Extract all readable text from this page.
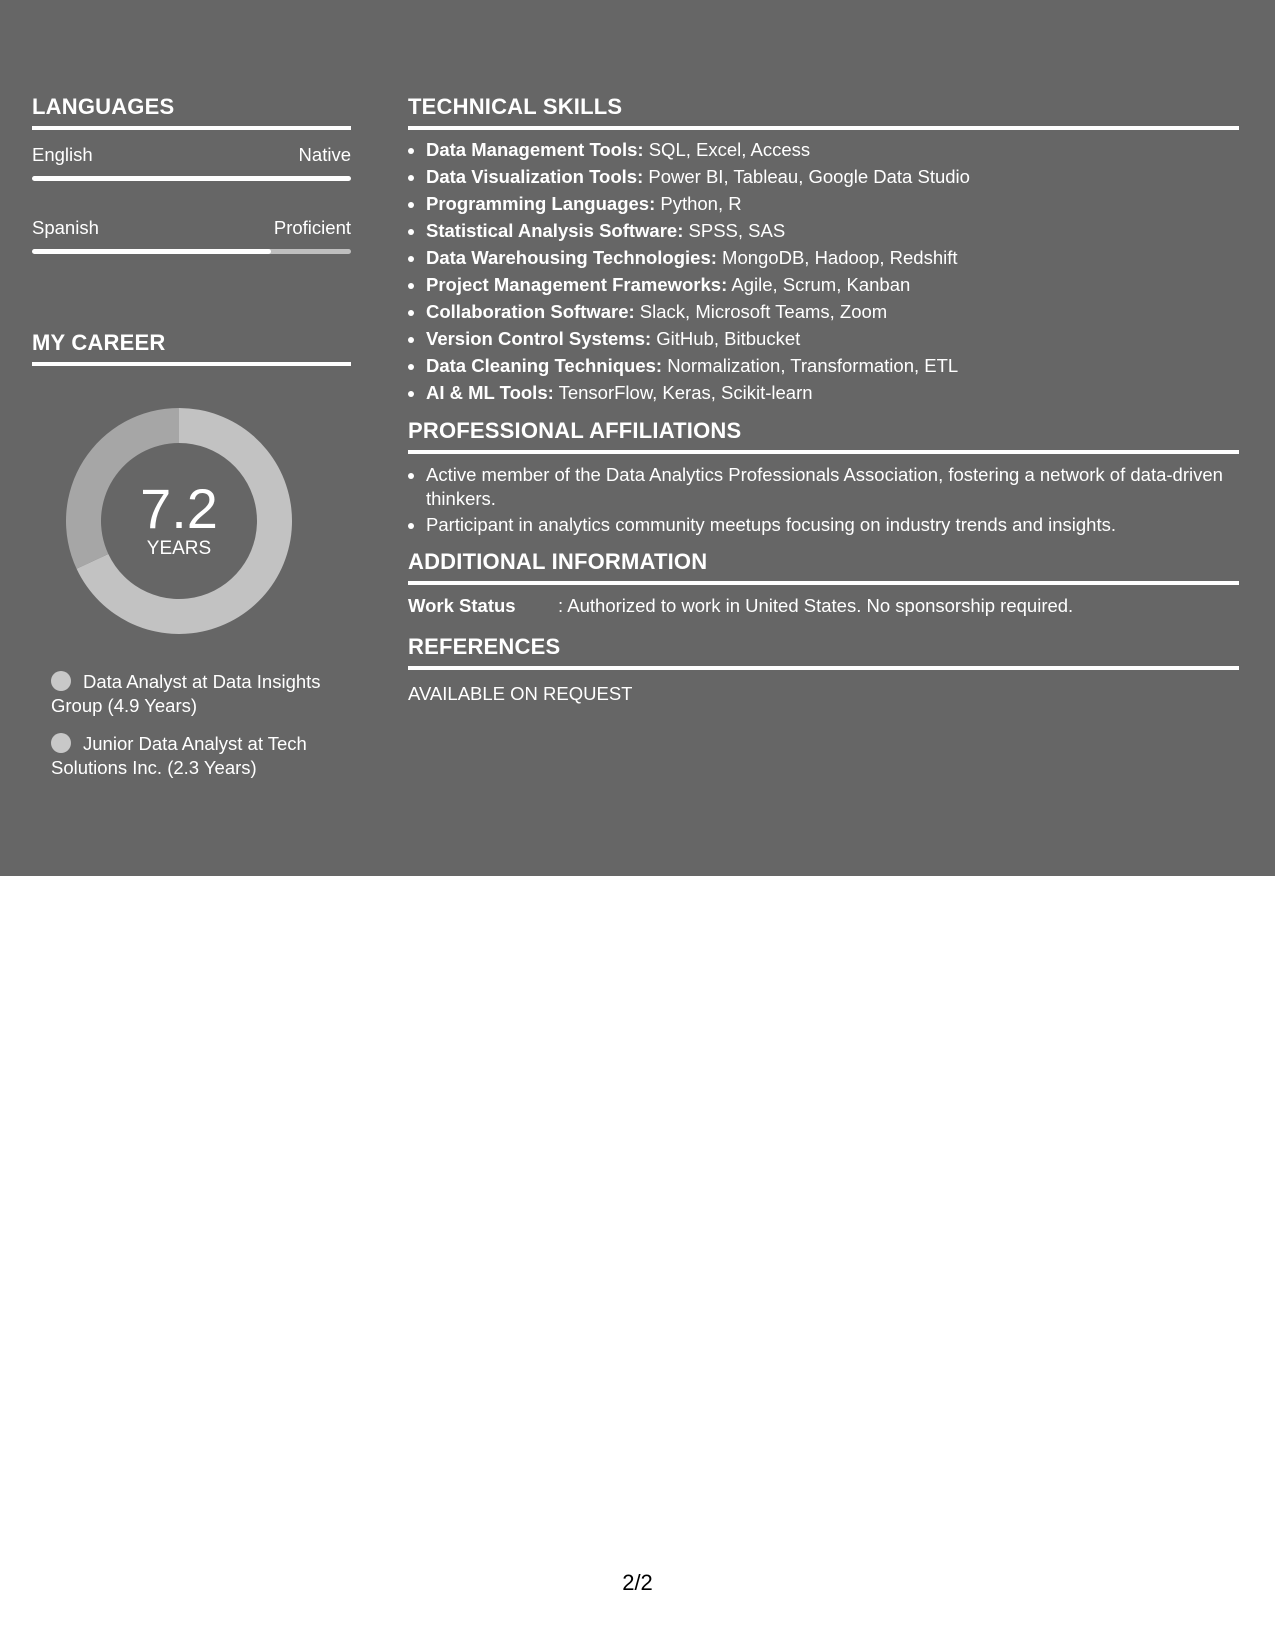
LANGUAGES
English	Native
Spanish	Proficient
MY CAREER
7.2
YEARS
Data Analyst at Data Insights Group (4.9 Years)
Junior Data Analyst at Tech Solutions Inc. (2.3 Years)
TECHNICAL SKILLS
• Data Management Tools: SQL, Excel, Access
• Data Visualization Tools: Power BI, Tableau, Google Data Studio
• Programming Languages: Python, R
• Statistical Analysis Software: SPSS, SAS
• Data Warehousing Technologies: MongoDB, Hadoop, Redshift
• Project Management Frameworks: Agile, Scrum, Kanban
• Collaboration Software: Slack, Microsoft Teams, Zoom
• Version Control Systems: GitHub, Bitbucket
• Data Cleaning Techniques: Normalization, Transformation, ETL
• AI & ML Tools: TensorFlow, Keras, Scikit-learn
PROFESSIONAL AFFILIATIONS
• Active member of the Data Analytics Professionals Association, fostering a network of data-driven thinkers.
• Participant in analytics community meetups focusing on industry trends and insights.
ADDITIONAL INFORMATION
Work Status	: Authorized to work in United States. No sponsorship required.
REFERENCES
AVAILABLE ON REQUEST
2/2
